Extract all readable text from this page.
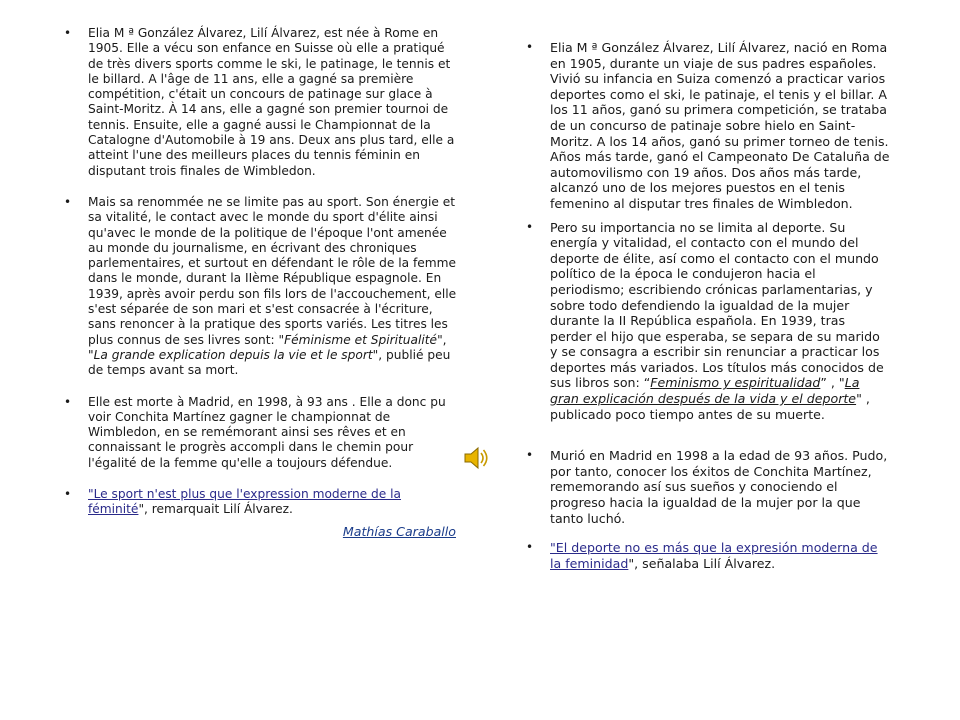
• Elia M ª González Álvarez, Lilí Álvarez, est née à Rome en 1905. Elle a vécu son enfance en Suisse où elle a pratiqué de très divers sports comme le ski, le patinage, le tennis et le billard. A l'âge de 11 ans, elle a gagné sa première compétition, c'était un concours de patinage sur glace à Saint-Moritz. À 14 ans, elle a gagné son premier tournoi de tennis. Ensuite, elle a gagné aussi le Championnat de la Catalogne d'Automobile à 19 ans. Deux ans plus tard, elle a atteint l'une des meilleurs places du tennis féminin en disputant trois finales de Wimbledon.
• Mais sa renommée ne se limite pas au sport. Son énergie et sa vitalité, le contact avec le monde du sport d'élite ainsi qu'avec le monde de la politique de l'époque l'ont amenée au monde du journalisme, en écrivant des chroniques parlementaires, et surtout en défendant le rôle de la femme dans le monde, durant la IIème République espagnole. En 1939, après avoir perdu son fils lors de l'accouchement, elle s'est séparée de son mari et s'est consacrée à l'écriture, sans renoncer à la pratique des sports variés. Les titres les plus connus de ses livres sont: "Féminisme et Spiritualité", "La grande explication depuis la vie et le sport", publié peu de temps avant sa mort.
• Elle est morte à Madrid, en 1998, à 93 ans . Elle a donc pu voir Conchita Martínez gagner le championnat de Wimbledon, en se remémorant ainsi ses rêves et en connaissant le progrès accompli dans le chemin pour l'égalité de la femme qu'elle a toujours défendue.
• "Le sport n'est plus que l'expression moderne de la féminité", remarquait Lilí Álvarez.
Mathías Caraballo
• Elia M ª González Álvarez, Lilí Álvarez, nació en Roma en 1905, durante un viaje de sus padres españoles. Vivió su infancia en Suiza comenzó a practicar varios deportes como el ski, le patinaje, el tenis y el billar. A los 11 años, ganó su primera competición, se trataba de un concurso de patinaje sobre hielo en Saint-Moritz. A los 14 años, ganó su primer torneo de tenis. Años más tarde, ganó el Campeonato De Cataluña de automovilismo con 19 años. Dos años más tarde, alcanzó uno de los mejores puestos en el tenis femenino al disputar tres finales de Wimbledon.
• Pero su importancia no se limita al deporte. Su energía y vitalidad, el contacto con el mundo del deporte de élite, así como el contacto con el mundo político de la época le condujeron hacia el periodismo; escribiendo crónicas parlamentarias, y sobre todo defendiendo la igualdad de la mujer durante la II República española. En 1939, tras perder el hijo que esperaba, se separa de su marido y se consagra a escribir sin renunciar a practicar los deportes más variados. Los títulos más conocidos de sus libros son: “Feminismo y espiritualidad” , "La gran explicación después de la vida y el deporte" , publicado poco tiempo antes de su muerte.
• Murió en Madrid en 1998 a la edad de 93 años. Pudo, por tanto, conocer los éxitos de Conchita Martínez, rememorando así sus sueños y conociendo el progreso hacia la igualdad de la mujer por la que tanto luchó.
• "El deporte no es más que la expresión moderna de la feminidad", señalaba Lilí Álvarez.
